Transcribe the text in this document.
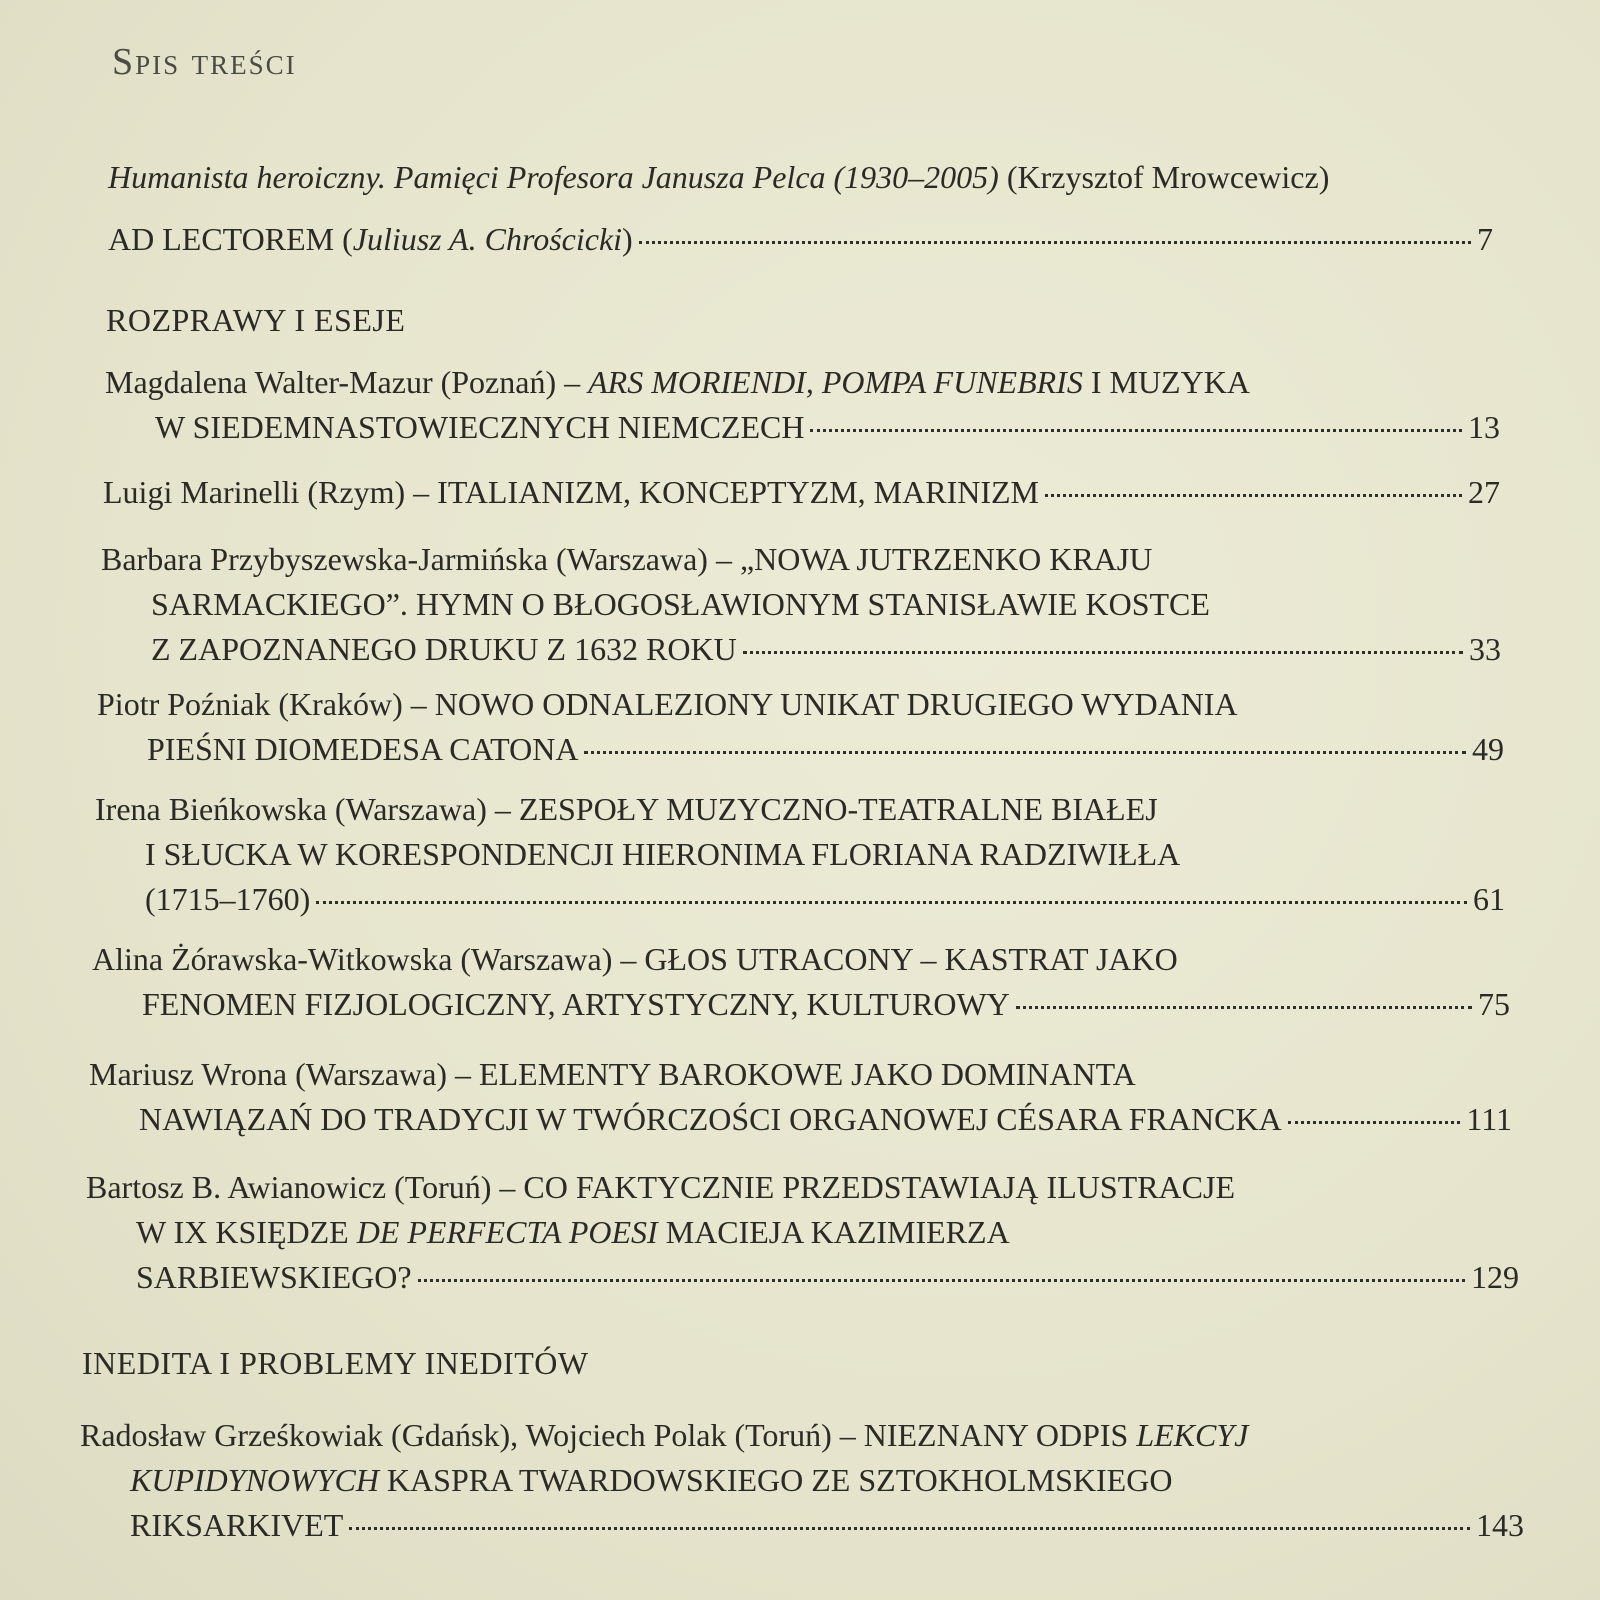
Spis treści
Humanista heroiczny. Pamięci Profesora Janusza Pelca (1930–2005) (Krzysztof Mrowcewicz)
AD LECTOREM (Juliusz A. Chrościcki)	7
ROZPRAWY I ESEJE
Magdalena Walter-Mazur (Poznań) – ARS MORIENDI, POMPA FUNEBRIS I MUZYKA
W SIEDEMNASTOWIECZNYCH NIEMCZECH	13
Luigi Marinelli (Rzym) – ITALIANIZM, KONCEPTYZM, MARINIZM	27
Barbara Przybyszewska-Jarmińska (Warszawa) – „NOWA JUTRZENKO KRAJU
SARMACKIEGO”. HYMN O BŁOGOSŁAWIONYM STANISŁAWIE KOSTCE
Z ZAPOZNANEGO DRUKU Z 1632 ROKU	33
Piotr Poźniak (Kraków) – NOWO ODNALEZIONY UNIKAT DRUGIEGO WYDANIA
PIEŚNI DIOMEDESA CATONA	49
Irena Bieńkowska (Warszawa) – ZESPOŁY MUZYCZNO-TEATRALNE BIAŁEJ
I SŁUCKA W KORESPONDENCJI HIERONIMA FLORIANA RADZIWIŁŁA
(1715–1760)	61
Alina Żórawska-Witkowska (Warszawa) – GŁOS UTRACONY – KASTRAT JAKO
FENOMEN FIZJOLOGICZNY, ARTYSTYCZNY, KULTUROWY	75
Mariusz Wrona (Warszawa) – ELEMENTY BAROKOWE JAKO DOMINANTA
NAWIĄZAŃ DO TRADYCJI W TWÓRCZOŚCI ORGANOWEJ CÉSARA FRANCKA	111
Bartosz B. Awianowicz (Toruń) – CO FAKTYCZNIE PRZEDSTAWIAJĄ ILUSTRACJE
W IX KSIĘDZE DE PERFECTA POESI MACIEJA KAZIMIERZA
SARBIEWSKIEGO?	129
INEDITA I PROBLEMY INEDITÓW
Radosław Grześkowiak (Gdańsk), Wojciech Polak (Toruń) – NIEZNANY ODPIS LEKCYJ
KUPIDYNOWYCH KASPRA TWARDOWSKIEGO ZE SZTOKHOLMSKIEGO
RIKSARKIVET	143
